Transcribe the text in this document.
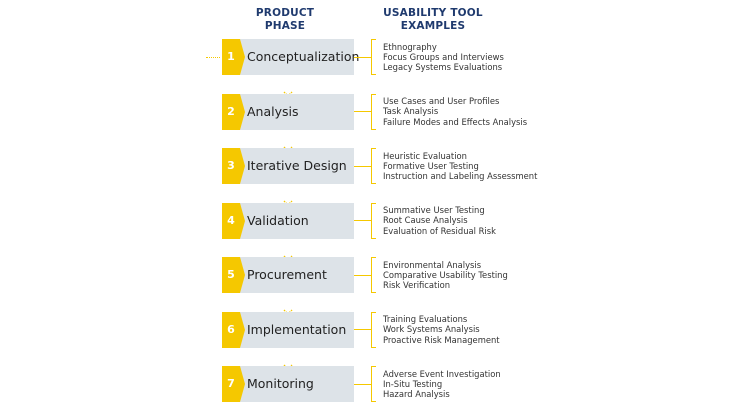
PRODUCT
PHASE
USABILITY TOOL
EXAMPLES
1 Conceptualization
Ethnography
Focus Groups and Interviews
Legacy Systems Evaluations
2 Analysis
Use Cases and User Profiles
Task Analysis
Failure Modes and Effects Analysis
3 Iterative Design
Heuristic Evaluation
Formative User Testing
Instruction and Labeling Assessment
4 Validation
Summative User Testing
Root Cause Analysis
Evaluation of Residual Risk
5 Procurement
Environmental Analysis
Comparative Usability Testing
Risk Verification
6 Implementation
Training Evaluations
Work Systems Analysis
Proactive Risk Management
7 Monitoring
Adverse Event Investigation
In-Situ Testing
Hazard Analysis
